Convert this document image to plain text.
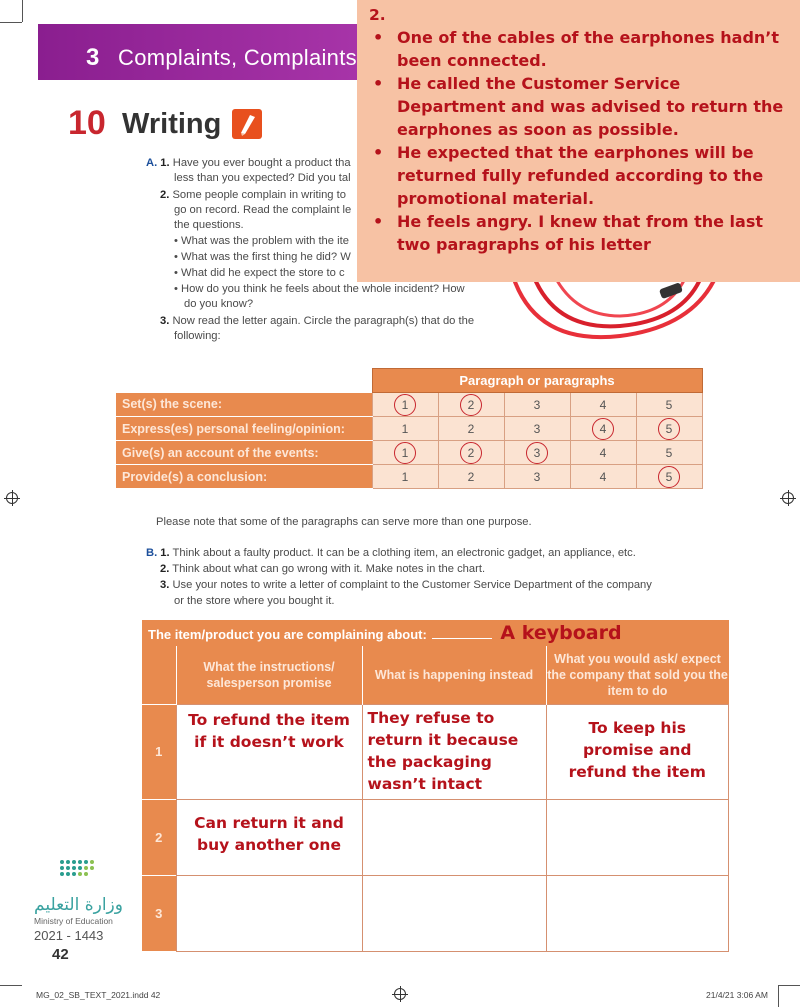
3 Complaints, Complaints
10 Writing
A. 1. Have you ever bought a product tha
less than you expected? Did you tal
2. Some people complain in writing to
go on record. Read the complaint le
the questions.
• What was the problem with the ite
• What was the first thing he did? W
• What did he expect the store to c
• How do you think he feels about the whole incident? How
do you know?
3. Now read the letter again. Circle the paragraph(s) that do the
following:
2.
• One of the cables of the earphones hadn’t been connected.
• He called the Customer Service Department and was advised to return the earphones as soon as possible.
• He expected that the earphones will be returned fully refunded according to the promotional material.
• He feels angry. I knew that from the last two paragraphs of his letter
	Paragraph or paragraphs				
Set(s) the scene:	1	2	3	4	5
Express(es) personal feeling/opinion:	1	2	3	4	5
Give(s) an account of the events:	1	2	3	4	5
Provide(s) a conclusion:	1	2	3	4	5
Please note that some of the paragraphs can serve more than one purpose.
B. 1. Think about a faulty product. It can be a clothing item, an electronic gadget, an appliance, etc.
2. Think about what can go wrong with it. Make notes in the chart.
3. Use your notes to write a letter of complaint to the Customer Service Department of the company
or the store where you bought it.
The item/product you are complaining about: A keyboard			
	What the instructions/ salesperson promise	What is happening instead	What you would ask/ expect the company that sold you the item to do
1	To refund the item if it doesn’t work	They refuse to return it because the packaging wasn’t intact	To keep his promise and refund the item
2	Can return it and buy another one		
3			
وزارة التعليم
Ministry of Education
2021 - 1443
42
MG_02_SB_TEXT_2021.indd 42	21/4/21 3:06 AM
